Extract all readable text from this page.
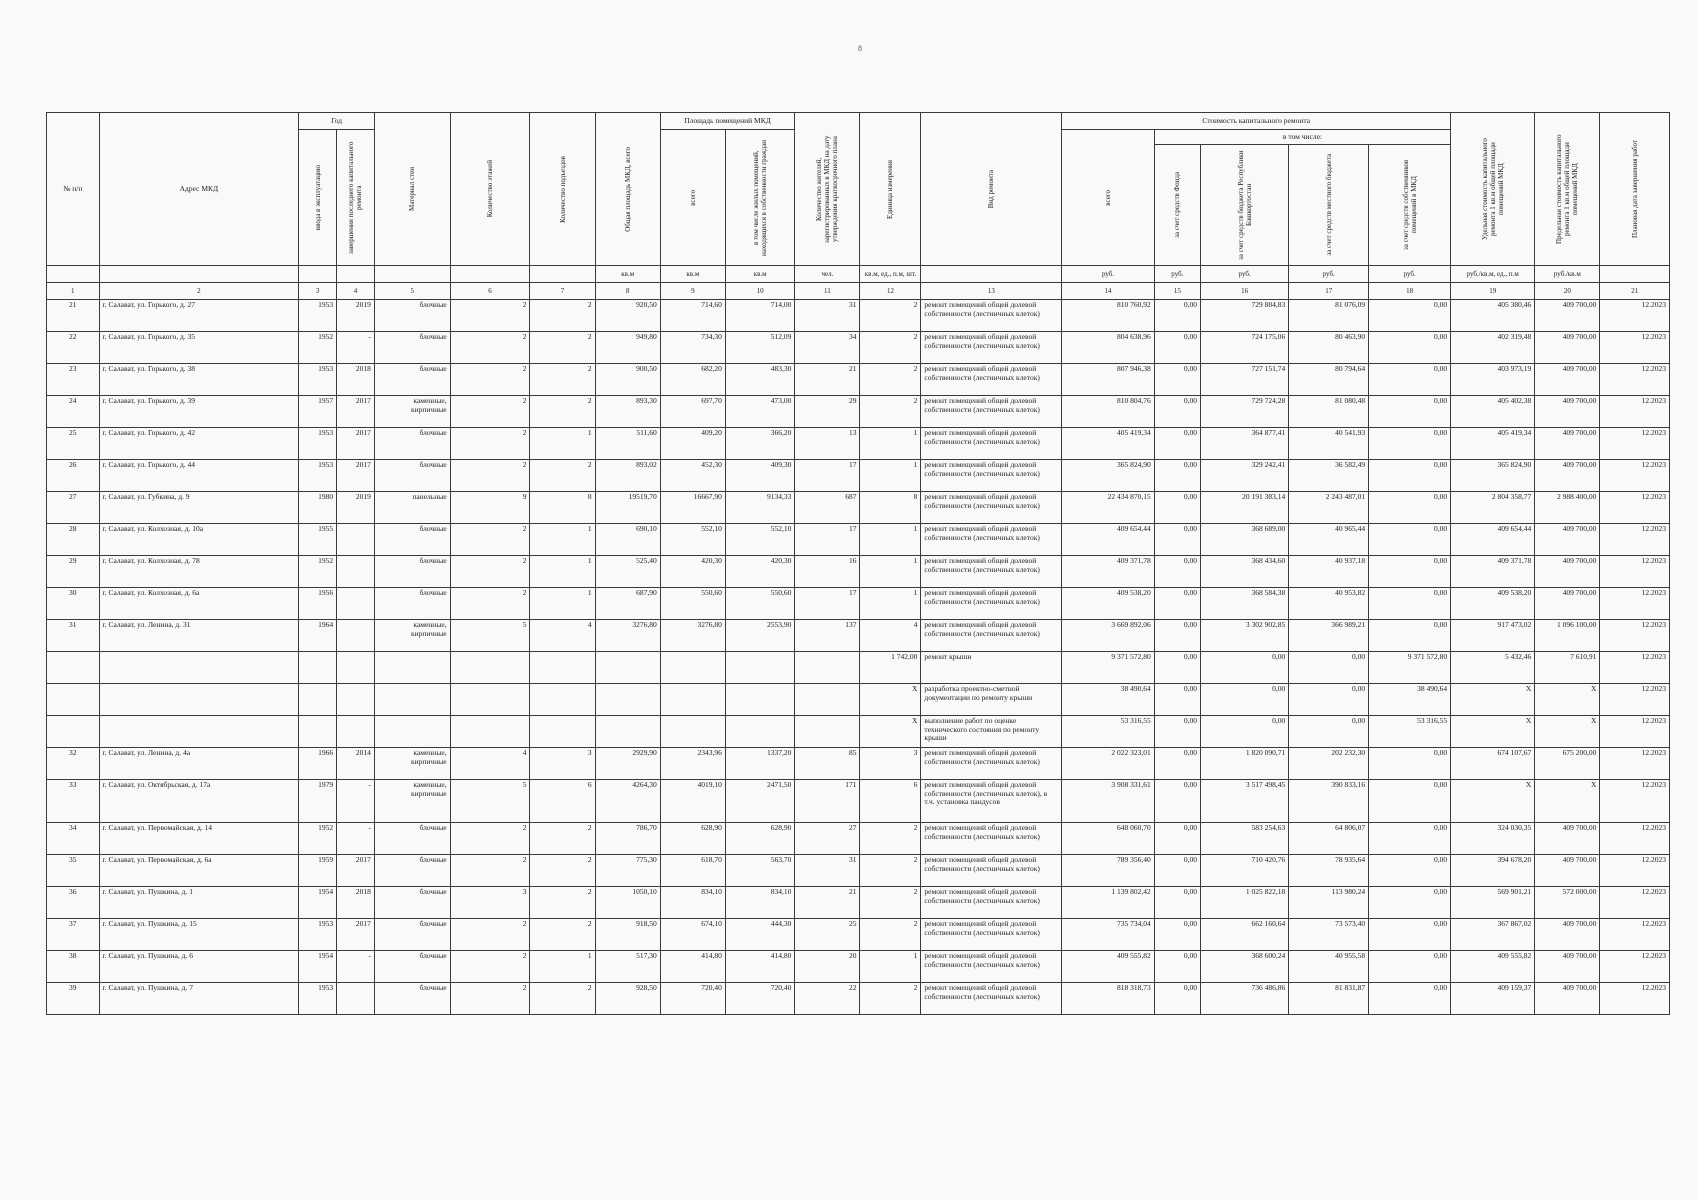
8
№ п/п	Адрес МКД	Год		Материал стен	Количество этажей	Количество подъездов	Общая площадь МКД, всего	Площадь помещений МКД		Количество жителей, зарегистрированных в МКД на дату утверждения краткосрочного плана	Единица измерения	Вид ремонта	Стоимость капитального ремонта					Удельная стоимость капитального ремонта 1 кв.м общей площади помещений МКД	Предельная стоимость капитального ремонта 1 кв.м общей площади помещений МКД	Плановая дата завершения работ

		ввода в эксплуатацию	завершения последнего капитального ремонта					всего	в том числе жилых помещений, находящихся в собственности граждан				всего	в том числе:						

														за счет средств Фонда	за счет средств бюджета Республики Башкортостан	за счет средств местного бюджета	за счет средств собственников помещений в МКД			

							кв.м	кв.м	кв.м	чел.	кв.м, ед., п.м, шт.		руб.	руб.	руб.	руб.	руб.	руб./кв.м, ед., п.м	руб./кв.м	
1	2	3	4	5	6	7	8	9	10	11	12	13	14	15	16	17	18	19	20	21
21	г. Салават, ул. Горького, д. 27	1953	2019	блочные	2	2	920,50	714,60	714,00	31	2	ремонт помещений общей долевой собственности (лестничных клеток)	810 760,92	0,00	729 884,83	81 076,09	0,00	405 380,46	409 700,00	12.2023
22	г. Салават, ул. Горького, д. 35	1952	-	блочные	2	2	949,80	734,30	512,09	34	2	ремонт помещений общей долевой собственности (лестничных клеток)	804 638,96	0,00	724 175,06	80 463,90	0,00	402 319,48	409 700,00	12.2023
23	г. Салават, ул. Горького, д. 38	1953	2018	блочные	2	2	900,50	682,20	483,30	21	2	ремонт помещений общей долевой собственности (лестничных клеток)	807 946,38	0,00	727 151,74	80 794,64	0,00	403 973,19	409 700,00	12.2023
24	г. Салават, ул. Горького, д. 39	1957	2017	каменные, кирпичные	2	2	893,30	697,70	473,00	29	2	ремонт помещений общей долевой собственности (лестничных клеток)	810 804,76	0,00	729 724,28	81 080,48	0,00	405 402,38	409 700,00	12.2023
25	г. Салават, ул. Горького, д. 42	1953	2017	блочные	2	1	511,60	409,20	366,20	13	1	ремонт помещений общей долевой собственности (лестничных клеток)	405 419,34	0,00	364 877,41	40 541,93	0,00	405 419,34	409 700,00	12.2023
26	г. Салават, ул. Горького, д. 44	1953	2017	блочные	2	2	893,02	452,30	409,30	17	1	ремонт помещений общей долевой собственности (лестничных клеток)	365 824,90	0,00	329 242,41	36 582,49	0,00	365 824,90	409 700,00	12.2023
27	г. Салават, ул. Губкина, д. 9	1980	2019	панельные	9	8	19519,70	16667,90	9134,33	687	8	ремонт помещений общей долевой собственности (лестничных клеток)	22 434 870,15	0,00	20 191 383,14	2 243 487,01	0,00	2 804 358,77	2 988 400,00	12.2023
28	г. Салават, ул. Колхозная, д. 10а	1955		блочные	2	1	690,10	552,10	552,10	17	1	ремонт помещений общей долевой собственности (лестничных клеток)	409 654,44	0,00	368 689,00	40 965,44	0,00	409 654,44	409 700,00	12.2023
29	г. Салават, ул. Колхозная, д. 78	1952		блочные	2	1	525,40	420,30	420,30	16	1	ремонт помещений общей долевой собственности (лестничных клеток)	409 371,78	0,00	368 434,60	40 937,18	0,00	409 371,78	409 700,00	12.2023
30	г. Салават, ул. Колхозная, д. 6а	1956		блочные	2	1	687,90	550,60	550,60	17	1	ремонт помещений общей долевой собственности (лестничных клеток)	409 538,20	0,00	368 584,38	40 953,82	0,00	409 538,20	409 700,00	12.2023
31	г. Салават, ул. Ленина, д. 31	1964		каменные, кирпичные	5	4	3276,80	3276,80	2553,90	137	4	ремонт помещений общей долевой собственности (лестничных клеток)	3 669 892,06	0,00	3 302 902,85	366 989,21	0,00	917 473,02	1 096 100,00	12.2023
											1 742,00	ремонт крыши	9 371 572,80	0,00	0,00	0,00	9 371 572,80	5 432,46	7 610,91	12.2023
											X	разработка проектно-сметной документации по ремонту крыши	38 490,64	0,00	0,00	0,00	38 490,64	X	X	12.2023
											X	выполнение работ по оценке технического состояния по ремонту крыши	53 316,55	0,00	0,00	0,00	53 316,55	X	X	12.2023
32	г. Салават, ул. Ленина, д. 4а	1966	2014	каменные, кирпичные	4	3	2929,90	2343,96	1337,20	85	3	ремонт помещений общей долевой собственности (лестничных клеток)	2 022 323,01	0,00	1 820 090,71	202 232,30	0,00	674 107,67	675 200,00	12.2023
33	г. Салават, ул. Октябрьская, д. 17а	1979	-	каменные, кирпичные	5	6	4264,30	4019,10	2471,50	171	6	ремонт помещений общей долевой собственности (лестничных клеток), в т.ч. установка пандусов	3 908 331,61	0,00	3 517 498,45	390 833,16	0,00	X	X	12.2023
34	г. Салават, ул. Первомайская, д. 14	1952	-	блочные	2	2	786,70	628,90	628,90	27	2	ремонт помещений общей долевой собственности (лестничных клеток)	648 060,70	0,00	583 254,63	64 806,07	0,00	324 030,35	409 700,00	12.2023
35	г. Салават, ул. Первомайская, д. 6а	1959	2017	блочные	2	2	775,30	618,70	563,70	31	2	ремонт помещений общей долевой собственности (лестничных клеток)	789 356,40	0,00	710 420,76	78 935,64	0,00	394 678,20	409 700,00	12.2023
36	г. Салават, ул. Пушкина, д. 1	1954	2018	блочные	3	2	1050,10	834,10	834,10	21	2	ремонт помещений общей долевой собственности (лестничных клеток)	1 139 802,42	0,00	1 025 822,18	113 980,24	0,00	569 901,21	572 000,00	12.2023
37	г. Салават, ул. Пушкина, д. 15	1953	2017	блочные	2	2	918,50	674,10	444,30	25	2	ремонт помещений общей долевой собственности (лестничных клеток)	735 734,04	0,00	662 160,64	73 573,40	0,00	367 867,02	409 700,00	12.2023
38	г. Салават, ул. Пушкина, д. 6	1954	-	блочные	2	1	517,30	414,80	414,80	20	1	ремонт помещений общей долевой собственности (лестничных клеток)	409 555,82	0,00	368 600,24	40 955,58	0,00	409 555,82	409 700,00	12.2023
39	г. Салават, ул. Пушкина, д. 7	1953		блочные	2	2	928,50	720,40	720,40	22	2	ремонт помещений общей долевой собственности (лестничных клеток)	818 318,73	0,00	736 486,86	81 831,87	0,00	409 159,37	409 700,00	12.2023
